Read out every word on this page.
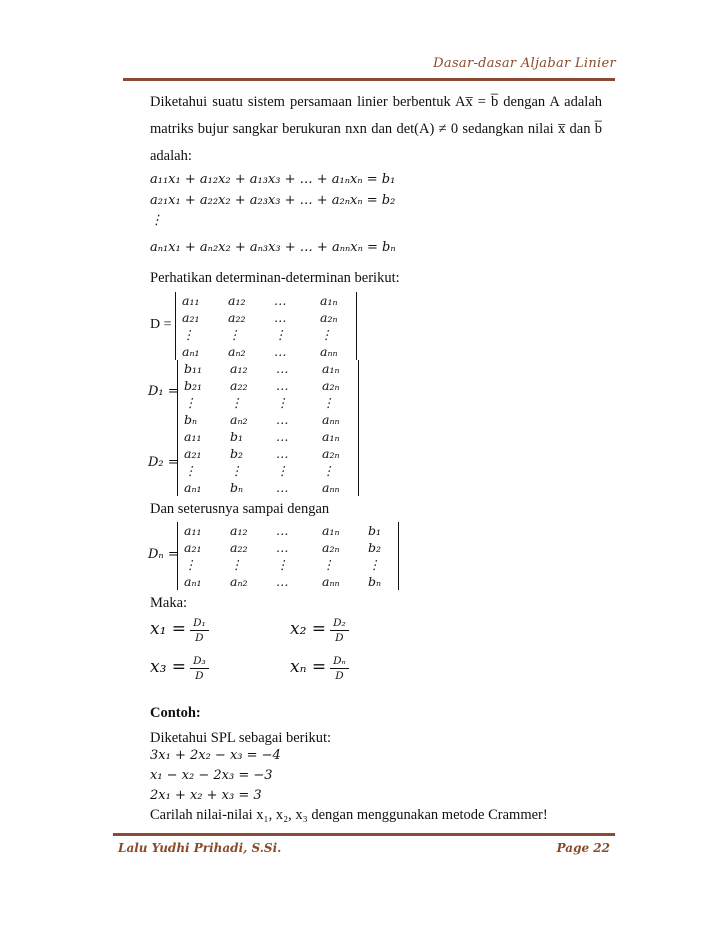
Dasar-dasar Aljabar Linier
Diketahui suatu sistem persamaan linier berbentuk Ax̅ = b̅ dengan A adalah
matriks bujur sangkar berukuran nxn dan det(A) ≠ 0 sedangkan nilai x̅ dan b̅
adalah:
a₁₁x₁ + a₁₂x₂ + a₁₃x₃ + … + a₁ₙxₙ = b₁
a₂₁x₁ + a₂₂x₂ + a₂₃x₃ + … + a₂ₙxₙ = b₂
⋮
aₙ₁x₁ + aₙ₂x₂ + aₙ₃x₃ + … + aₙₙxₙ = bₙ
Perhatikan determinan-determinan berikut:
D =
a₁₁	a₁₂	…	a₁ₙ
a₂₁	a₂₂	…	a₂ₙ
⋮	⋮	⋮	⋮
aₙ₁	aₙ₂	…	aₙₙ
D₁ =
b₁₁	a₁₂	…	a₁ₙ
b₂₁	a₂₂	…	a₂ₙ
⋮	⋮	⋮	⋮
bₙ	aₙ₂	…	aₙₙ
D₂ =
a₁₁	b₁	…	a₁ₙ
a₂₁	b₂	…	a₂ₙ
⋮	⋮	⋮	⋮
aₙ₁	bₙ	…	aₙₙ
Dan seterusnya sampai dengan
Dₙ =
a₁₁	a₁₂	…	a₁ₙ	b₁
a₂₁	a₂₂	…	a₂ₙ	b₂
⋮	⋮	⋮	⋮	⋮
aₙ₁	aₙ₂	…	aₙₙ	bₙ
Maka:
$x_1 = \frac{\text{D₁}}{D}$	$x_2 = \frac{\text{D₂}}{D}$
$x_3 = \frac{\text{D₃}}{D}$	$x_n = \frac{\text{Dₙ}}{D}$
Contoh:
Diketahui SPL sebagai berikut:
3x₁ + 2x₂ − x₃ = −4
x₁ − x₂ − 2x₃ = −3
2x₁ + x₂ + x₃ = 3
Carilah nilai-nilai x₁, x₂, x₃ dengan menggunakan metode Crammer!
Lalu Yudhi Prihadi, S.Si.	Page 22
